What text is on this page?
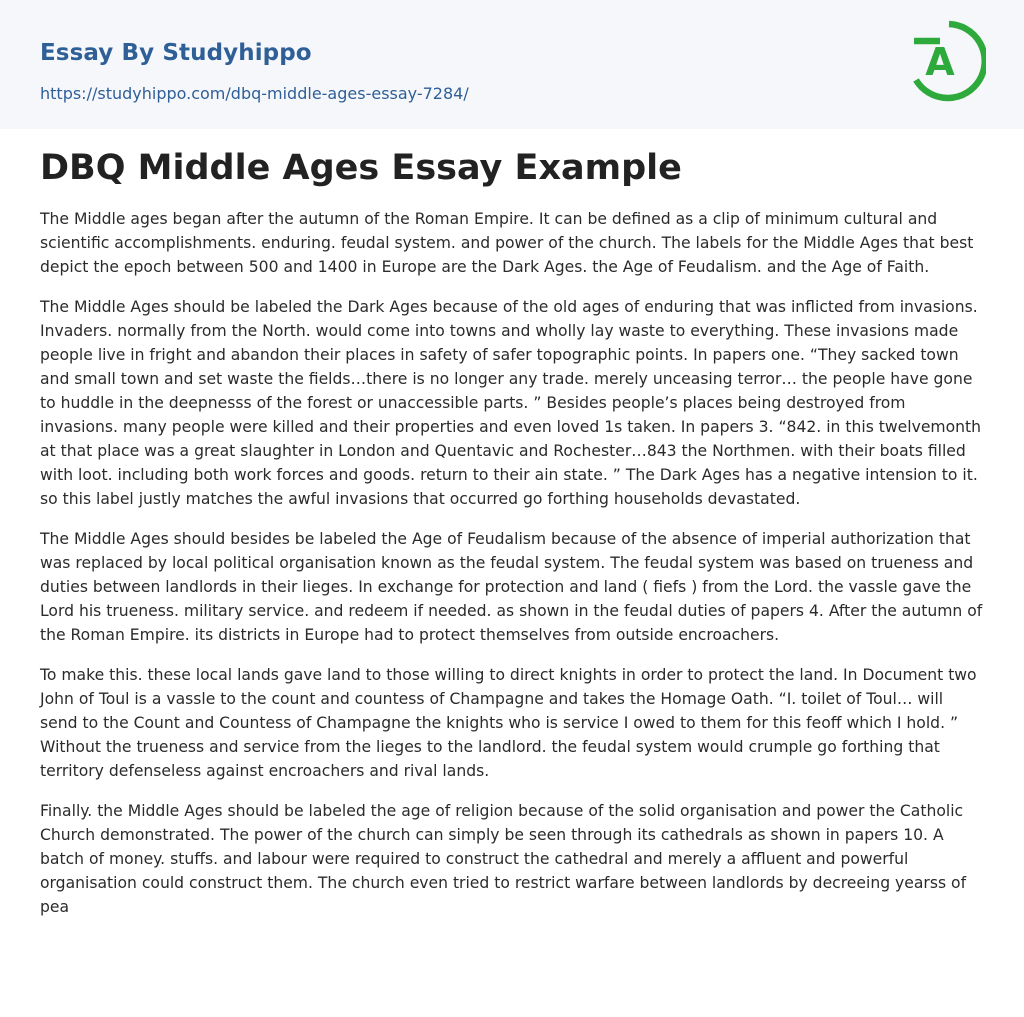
Essay By Studyhippo
https://studyhippo.com/dbq-middle-ages-essay-7284/
A
DBQ Middle Ages Essay Example

The Middle ages began after the autumn of the Roman Empire. It can be defined as a clip of minimum cultural and scientific accomplishments. enduring. feudal system. and power of the church. The labels for the Middle Ages that best depict the epoch between 500 and 1400 in Europe are the Dark Ages. the Age of Feudalism. and the Age of Faith.

The Middle Ages should be labeled the Dark Ages because of the old ages of enduring that was inflicted from invasions. Invaders. normally from the North. would come into towns and wholly lay waste to everything. These invasions made people live in fright and abandon their places in safety of safer topographic points. In papers one. “They sacked town and small town and set waste the fields…there is no longer any trade. merely unceasing terror… the people have gone to huddle in the deepnesss of the forest or unaccessible parts. ” Besides people’s places being destroyed from invasions. many people were killed and their properties and even loved 1s taken. In papers 3. “842. in this twelvemonth at that place was a great slaughter in London and Quentavic and Rochester…843 the Northmen. with their boats filled with loot. including both work forces and goods. return to their ain state. ” The Dark Ages has a negative intension to it. so this label justly matches the awful invasions that occurred go forthing households devastated.

The Middle Ages should besides be labeled the Age of Feudalism because of the absence of imperial authorization that was replaced by local political organisation known as the feudal system. The feudal system was based on trueness and duties between landlords in their lieges. In exchange for protection and land ( fiefs ) from the Lord. the vassle gave the Lord his trueness. military service. and redeem if needed. as shown in the feudal duties of papers 4. After the autumn of the Roman Empire. its districts in Europe had to protect themselves from outside encroachers.

To make this. these local lands gave land to those willing to direct knights in order to protect the land. In Document two John of Toul is a vassle to the count and countess of Champagne and takes the Homage Oath. “I. toilet of Toul… will send to the Count and Countess of Champagne the knights who is service I owed to them for this feoff which I hold. ” Without the trueness and service from the lieges to the landlord. the feudal system would crumple go forthing that territory defenseless against encroachers and rival lands.

Finally. the Middle Ages should be labeled the age of religion because of the solid organisation and power the Catholic Church demonstrated. The power of the church can simply be seen through its cathedrals as shown in papers 10. A batch of money. stuffs. and labour were required to construct the cathedral and merely a affluent and powerful organisation could construct them. The church even tried to restrict warfare between landlords by decreeing yearss of pea
